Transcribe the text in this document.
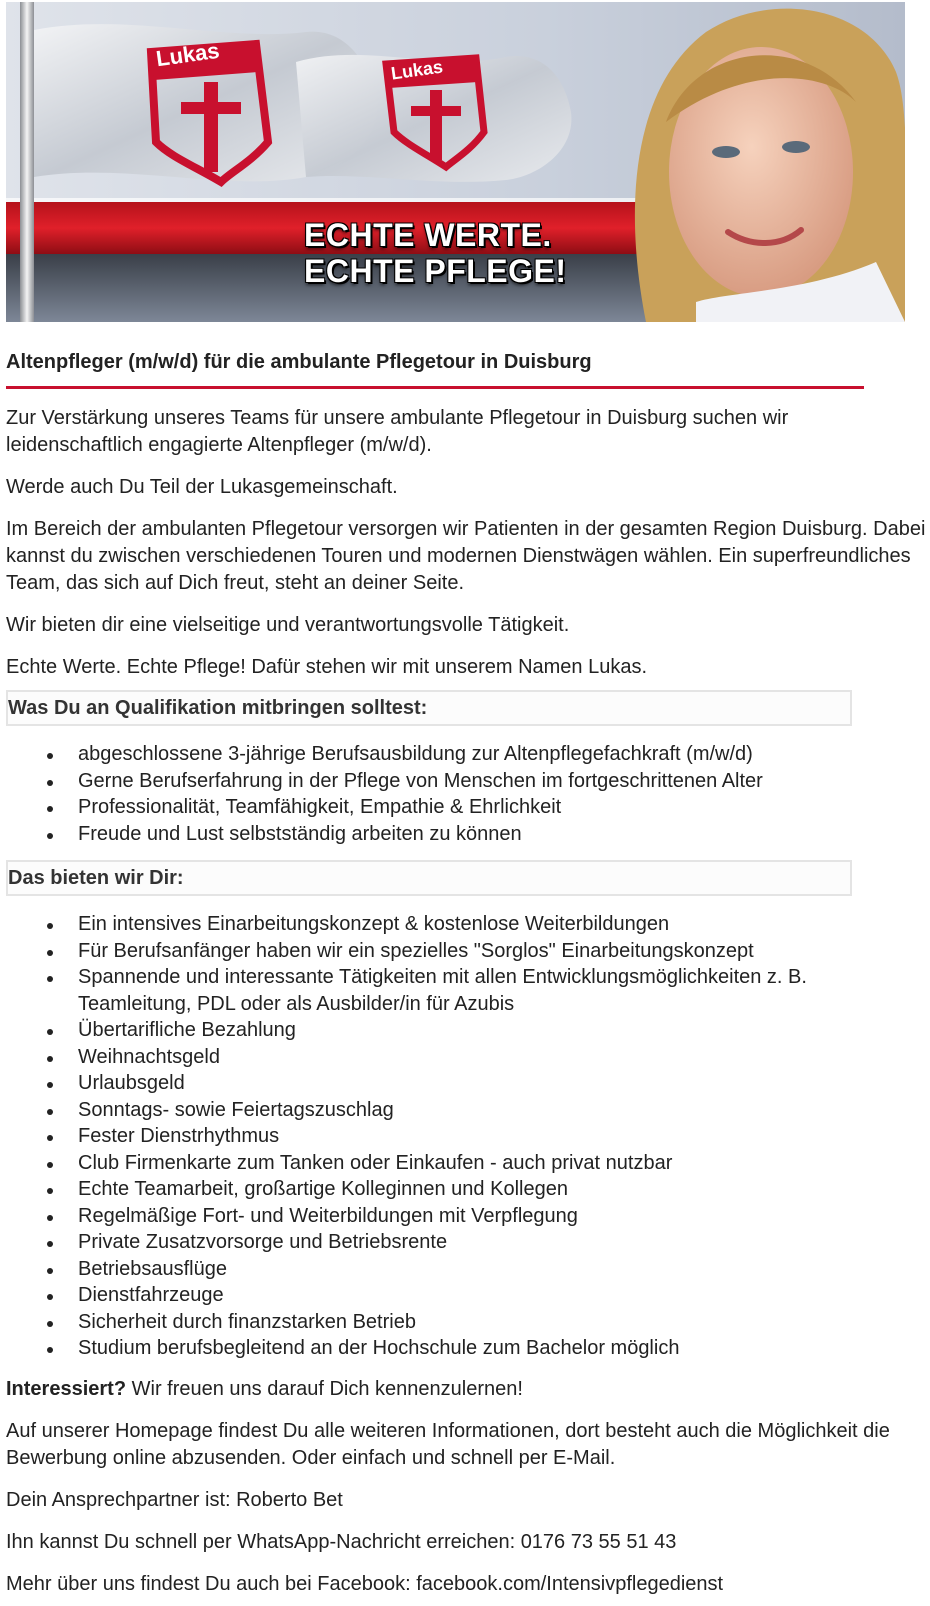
Lukas	Lukas
ECHTE WERTE.
ECHTE PFLEGE!
Altenpfleger (m/w/d) für die ambulante Pflegetour in Duisburg

Zur Verstärkung unseres Teams für unsere ambulante Pflegetour in Duisburg suchen wir leidenschaftlich engagierte Altenpfleger (m/w/d).

Werde auch Du Teil der Lukasgemeinschaft.

Im Bereich der ambulanten Pflegetour versorgen wir Patienten in der gesamten Region Duisburg. Dabei kannst du zwischen verschiedenen Touren und modernen Dienstwägen wählen. Ein superfreundliches Team, das sich auf Dich freut, steht an deiner Seite.

Wir bieten dir eine vielseitige und verantwortungsvolle Tätigkeit.

Echte Werte. Echte Pflege! Dafür stehen wir mit unserem Namen Lukas.

Was Du an Qualifikation mitbringen solltest:
abgeschlossene 3-jährige Berufsausbildung zur Altenpflegefachkraft (m/w/d)
Gerne Berufserfahrung in der Pflege von Menschen im fortgeschrittenen Alter
Professionalität, Teamfähigkeit, Empathie & Ehrlichkeit
Freude und Lust selbstständig arbeiten zu können
Das bieten wir Dir:
Ein intensives Einarbeitungskonzept & kostenlose Weiterbildungen
Für Berufsanfänger haben wir ein spezielles "Sorglos" Einarbeitungskonzept
Spannende und interessante Tätigkeiten mit allen Entwicklungsmöglichkeiten z. B. Teamleitung, PDL oder als Ausbilder/in für Azubis
Übertarifliche Bezahlung
Weihnachtsgeld
Urlaubsgeld
Sonntags- sowie Feiertagszuschlag
Fester Dienstrhythmus
Club Firmenkarte zum Tanken oder Einkaufen - auch privat nutzbar
Echte Teamarbeit, großartige Kolleginnen und Kollegen
Regelmäßige Fort- und Weiterbildungen mit Verpflegung
Private Zusatzvorsorge und Betriebsrente
Betriebsausflüge
Dienstfahrzeuge
Sicherheit durch finanzstarken Betrieb
Studium berufsbegleitend an der Hochschule zum Bachelor möglich

Interessiert? Wir freuen uns darauf Dich kennenzulernen!

Auf unserer Homepage findest Du alle weiteren Informationen, dort besteht auch die Möglichkeit die Bewerbung online abzusenden. Oder einfach und schnell per E-Mail.

Dein Ansprechpartner ist: Roberto Bet

Ihn kannst Du schnell per WhatsApp-Nachricht erreichen: 0176 73 55 51 43

Mehr über uns findest Du auch bei Facebook: facebook.com/Intensivpflegedienst
